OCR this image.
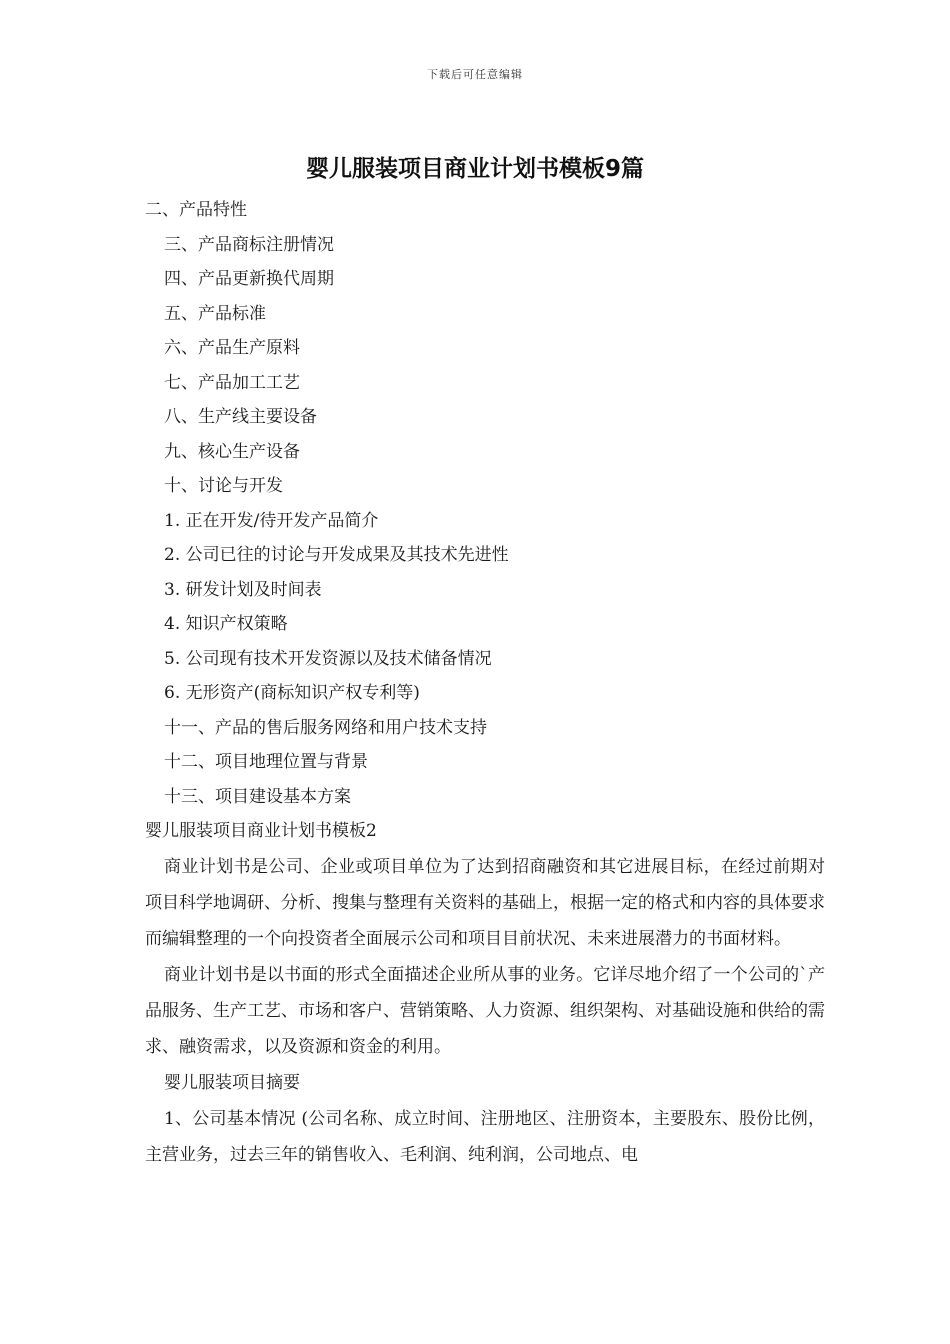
下载后可任意编辑
婴儿服装项目商业计划书模板9篇
二、产品特性
三、产品商标注册情况
四、产品更新换代周期
五、产品标准
六、产品生产原料
七、产品加工工艺
八、生产线主要设备
九、核心生产设备
十、讨论与开发
1. 正在开发/待开发产品简介
2. 公司已往的讨论与开发成果及其技术先进性
3. 研发计划及时间表
4. 知识产权策略
5. 公司现有技术开发资源以及技术储备情况
6. 无形资产(商标知识产权专利等)
十一、产品的售后服务网络和用户技术支持
十二、项目地理位置与背景
十三、项目建设基本方案
婴儿服装项目商业计划书模板2

商业计划书是公司、企业或项目单位为了达到招商融资和其它进展目标，在经过前期对项目科学地调研、分析、搜集与整理有关资料的基础上，根据一定的格式和内容的具体要求而编辑整理的一个向投资者全面展示公司和项目目前状况、未来进展潜力的书面材料。

商业计划书是以书面的形式全面描述企业所从事的业务。它详尽地介绍了一个公司的`产品服务、生产工艺、市场和客户、营销策略、人力资源、组织架构、对基础设施和供给的需求、融资需求，以及资源和资金的利用。

婴儿服装项目摘要

1、公司基本情况 (公司名称、成立时间、注册地区、注册资本，主要股东、股份比例，主营业务，过去三年的销售收入、毛利润、纯利润，公司地点、电
